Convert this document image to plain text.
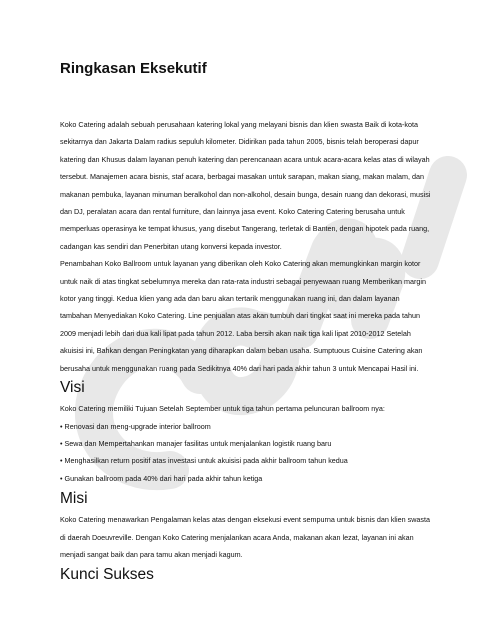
Ringkasan Eksekutif

Koko Catering adalah sebuah perusahaan katering lokal yang melayani bisnis dan klien swasta Baik di kota-kota

sekitarnya dan Jakarta Dalam radius sepuluh kilometer. Didirikan pada tahun 2005, bisnis telah beroperasi dapur

katering dan Khusus dalam layanan penuh katering dan perencanaan acara untuk acara-acara kelas atas di wilayah

tersebut. Manajemen acara bisnis, staf acara, berbagai masakan untuk sarapan, makan siang, makan malam, dan

makanan pembuka, layanan minuman beralkohol dan non-alkohol, desain bunga, desain ruang dan dekorasi, musisi

dan DJ, peralatan acara dan rental furniture, dan lainnya jasa event. Koko Catering Catering berusaha untuk

memperluas operasinya ke tempat khusus, yang disebut Tangerang, terletak di Banten, dengan hipotek pada ruang,

cadangan kas sendiri dan Penerbitan utang konversi kepada investor.

Penambahan Koko Ballroom untuk layanan yang diberikan oleh Koko Catering akan memungkinkan margin kotor

untuk naik di atas tingkat sebelumnya mereka dan rata-rata industri sebagai penyewaan ruang Memberikan margin

kotor yang tinggi. Kedua klien yang ada dan baru akan tertarik menggunakan ruang ini, dan dalam layanan

tambahan Menyediakan Koko Catering. Line penjualan atas akan tumbuh dari tingkat saat ini mereka pada tahun

2009 menjadi lebih dari dua kali lipat pada tahun 2012. Laba bersih akan naik tiga kali lipat 2010-2012 Setelah

akuisisi ini, Bahkan dengan Peningkatan yang diharapkan dalam beban usaha. Sumptuous Cuisine Catering akan

berusaha untuk menggunakan ruang pada Sedikitnya 40% dari hari pada akhir tahun 3 untuk Mencapai Hasil ini.

Visi

Koko Catering memiliki Tujuan Setelah September untuk tiga tahun pertama peluncuran ballroom nya:

• Renovasi dan meng-upgrade interior ballroom

• Sewa dan Mempertahankan manajer fasilitas untuk menjalankan logistik ruang baru

• Menghasilkan return positif atas investasi untuk akuisisi pada akhir ballroom tahun kedua

• Gunakan ballroom pada 40% dari hari pada akhir tahun ketiga

Misi

Koko Catering menawarkan Pengalaman kelas atas dengan eksekusi event sempurna untuk bisnis dan klien swasta

di daerah Doeuvreville. Dengan Koko Catering menjalankan acara Anda, makanan akan lezat, layanan ini akan

menjadi sangat baik dan para tamu akan menjadi kagum.

Kunci Sukses
